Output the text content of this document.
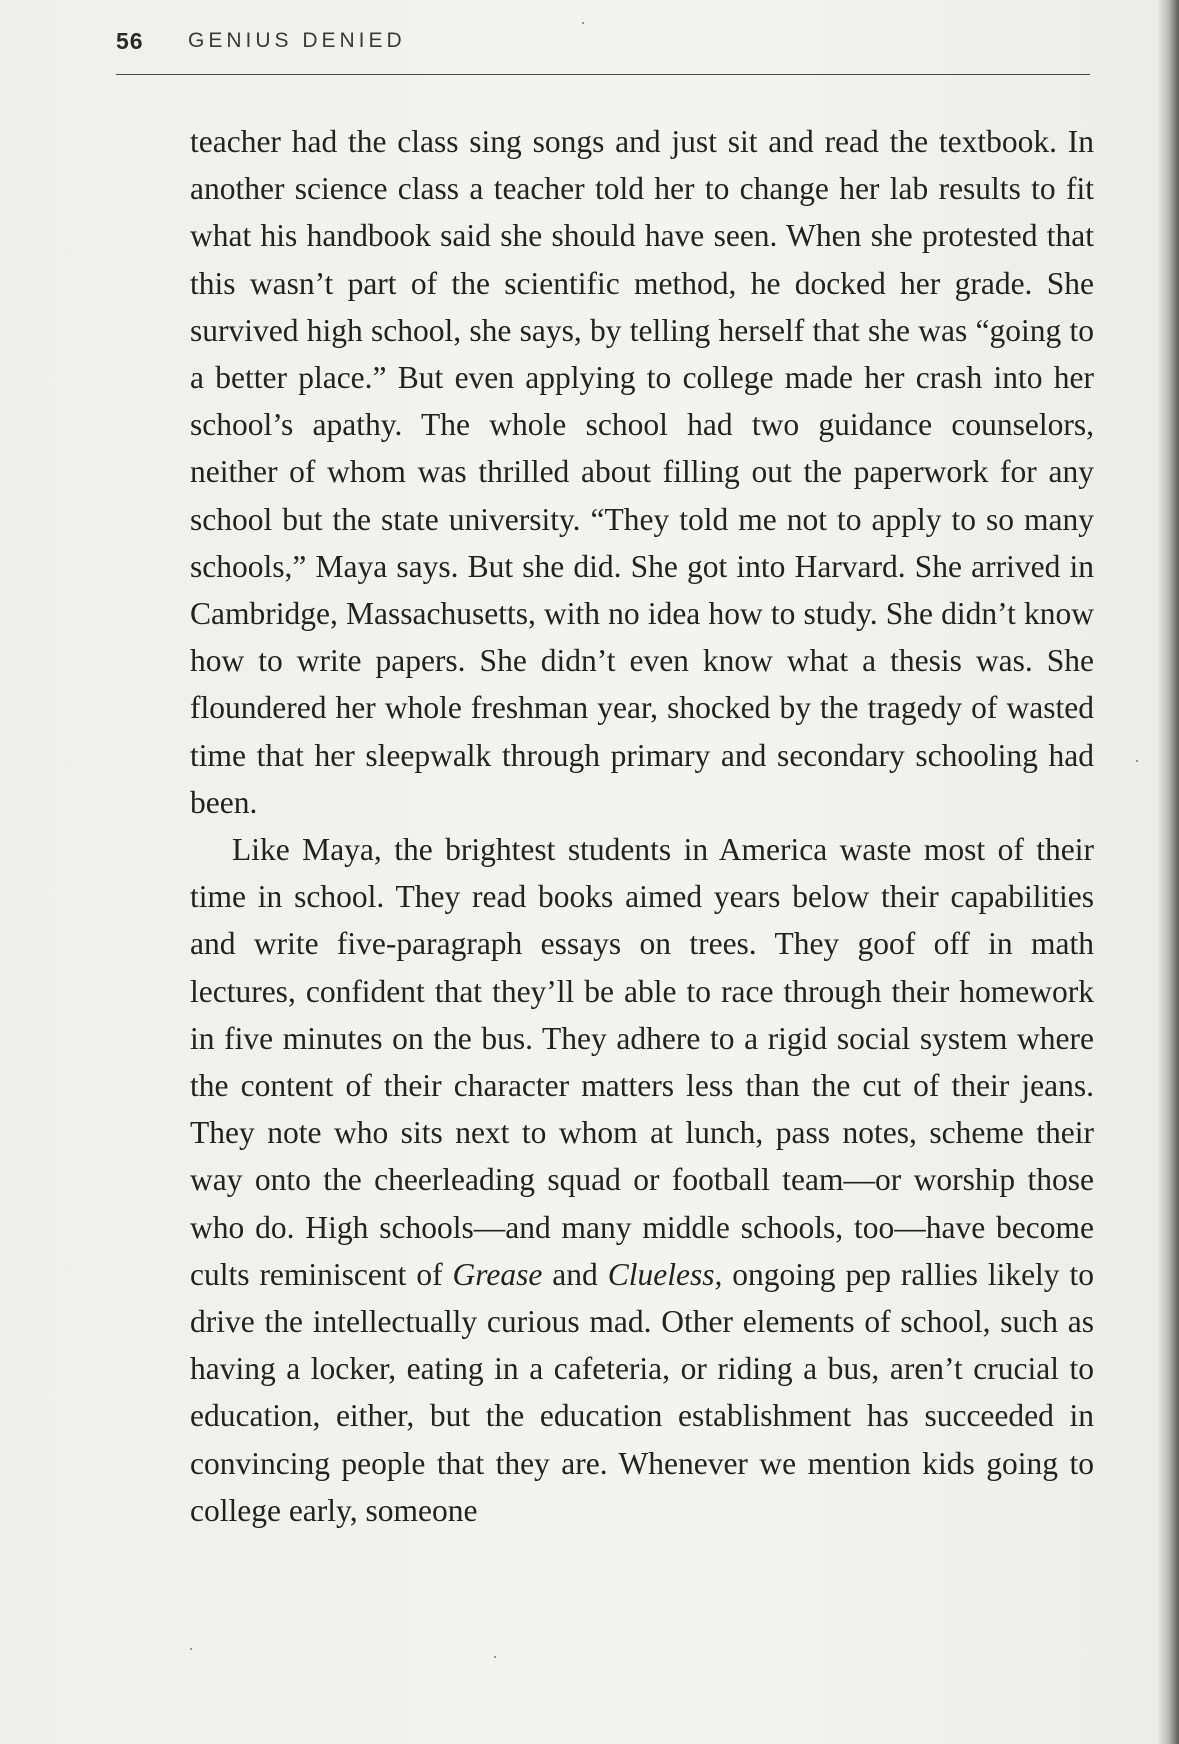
56 GENIUS DENIED

teacher had the class sing songs and just sit and read the textbook. In another science class a teacher told her to change her lab results to fit what his handbook said she should have seen. When she protested that this wasn’t part of the scientific method, he docked her grade. She survived high school, she says, by telling herself that she was “going to a better place.” But even applying to college made her crash into her school’s apathy. The whole school had two guidance counselors, neither of whom was thrilled about filling out the paperwork for any school but the state university. “They told me not to apply to so many schools,” Maya says. But she did. She got into Harvard. She arrived in Cambridge, Massachusetts, with no idea how to study. She didn’t know how to write papers. She didn’t even know what a thesis was. She floundered her whole freshman year, shocked by the tragedy of wasted time that her sleepwalk through primary and secondary schooling had been.

Like Maya, the brightest students in America waste most of their time in school. They read books aimed years below their capabilities and write five-paragraph essays on trees. They goof off in math lectures, confident that they’ll be able to race through their homework in five minutes on the bus. They adhere to a rigid social system where the content of their character matters less than the cut of their jeans. They note who sits next to whom at lunch, pass notes, scheme their way onto the cheerleading squad or football team—or worship those who do. High schools—and many middle schools, too—have become cults reminiscent of Grease and Clueless, ongoing pep rallies likely to drive the intellectually curious mad. Other elements of school, such as having a locker, eating in a cafeteria, or riding a bus, aren’t crucial to education, either, but the education establishment has succeeded in convincing people that they are. Whenever we mention kids going to college early, someone
